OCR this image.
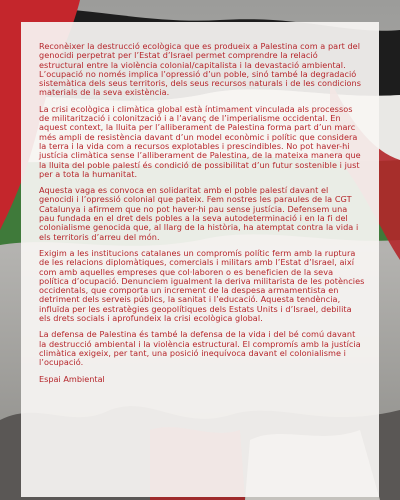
Reconèixer la destrucció ecològica que es produeix a Palestina com a part del genocidi perpetrat per l’Estat d’Israel permet comprendre la relació estructural entre la violència colonial/capitalista i la devastació ambiental. L’ocupació no només implica l’opressió d’un poble, sinó també la degradació sistemàtica dels seus territoris, dels seus recursos naturals i de les condicions materials de la seva existència.

La crisi ecològica i climàtica global està íntimament vinculada als processos de militarització i colonització i a l’avanç de l’imperialisme occidental. En aquest context, la lluita per l’alliberament de Palestina forma part d’un marc més ampli de resistència davant d’un model econòmic i polític que considera la terra i la vida com a recursos explotables i prescindibles. No pot haver-hi justícia climàtica sense l’alliberament de Palestina, de la mateixa manera que la lluita del poble palestí és condició de possibilitat d’un futur sostenible i just per a tota la humanitat.

Aquesta vaga es convoca en solidaritat amb el poble palestí davant el genocidi i l’opressió colonial que pateix. Fem nostres les paraules de la CGT Catalunya i afirmem que no pot haver-hi pau sense justícia. Defensem una pau fundada en el dret dels pobles a la seva autodeterminació i en la fi del colonialisme genocida que, al llarg de la història, ha atemptat contra la vida i els territoris d’arreu del món.

Exigim a les institucions catalanes un compromís polític ferm amb la ruptura de les relacions diplomàtiques, comercials i militars amb l’Estat d’Israel, així com amb aquelles empreses que col·laboren o es beneficien de la seva política d’ocupació. Denunciem igualment la deriva militarista de les potències occidentals, que comporta un increment de la despesa armamentista en detriment dels serveis públics, la sanitat i l’educació. Aquesta tendència, influïda per les estratègies geopolítiques dels Estats Units i d’Israel, debilita els drets socials i aprofundeix la crisi ecològica global.

La defensa de Palestina és també la defensa de la vida i del bé comú davant la destrucció ambiental i la violència estructural. El compromís amb la justícia climàtica exigeix, per tant, una posició inequívoca davant el colonialisme i l’ocupació.

Espai Ambiental
